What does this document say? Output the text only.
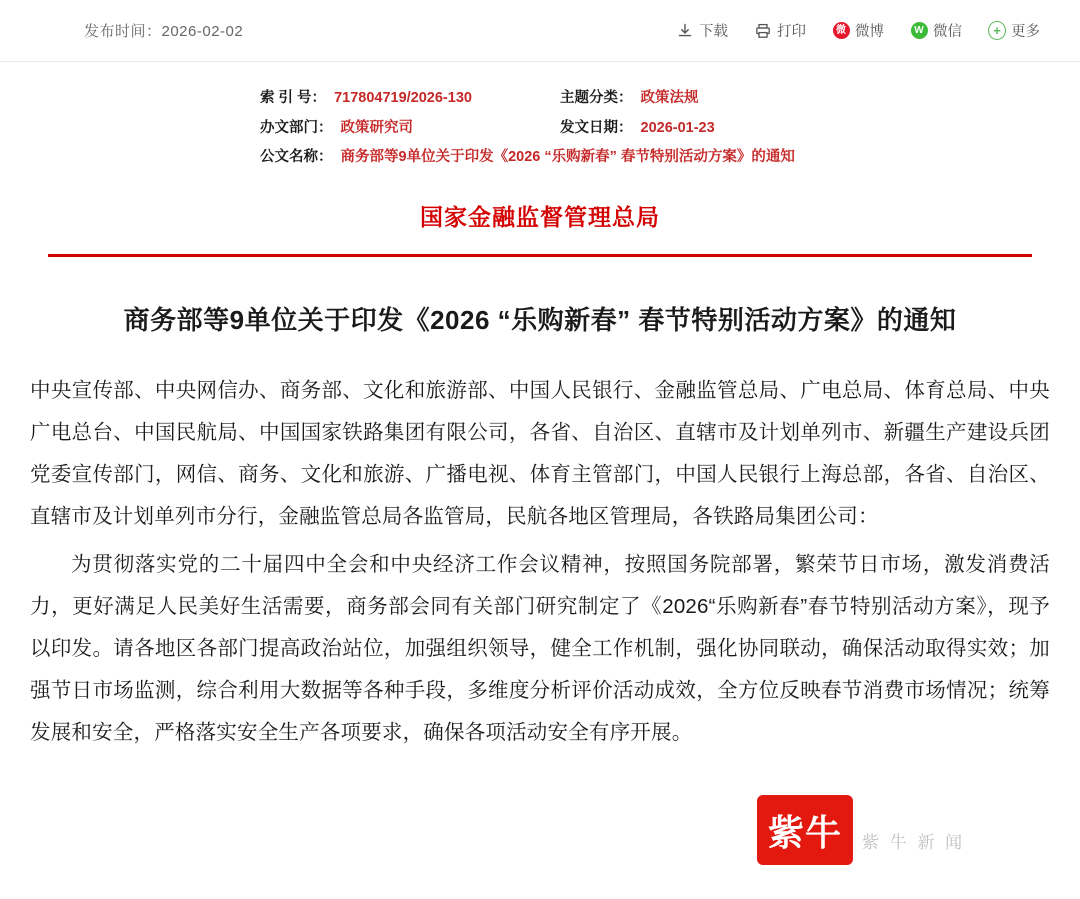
发布时间：2026-02-02	下载	打印	微 微博	W 微信	+ 更多
索 引 号： 717804719/2026-130	主题分类： 政策法规
办文部门： 政策研究司	发文日期： 2026-01-23
公文名称： 商务部等9单位关于印发《2026 “乐购新春” 春节特别活动方案》的通知
国家金融监督管理总局
商务部等9单位关于印发《2026 “乐购新春” 春节特别活动方案》的通知
中央宣传部、中央网信办、商务部、文化和旅游部、中国人民银行、金融监管总局、广电总局、体育总局、中央广电总台、中国民航局、中国国家铁路集团有限公司，各省、自治区、直辖市及计划单列市、新疆生产建设兵团党委宣传部门，网信、商务、文化和旅游、广播电视、体育主管部门，中国人民银行上海总部，各省、自治区、直辖市及计划单列市分行，金融监管总局各监管局，民航各地区管理局，各铁路局集团公司：
为贯彻落实党的二十届四中全会和中央经济工作会议精神，按照国务院部署，繁荣节日市场，激发消费活力，更好满足人民美好生活需要，商务部会同有关部门研究制定了《2026“乐购新春”春节特别活动方案》，现予以印发。请各地区各部门提高政治站位，加强组织领导，健全工作机制，强化协同联动，确保活动取得实效；加强节日市场监测，综合利用大数据等各种手段，多维度分析评价活动成效，全方位反映春节消费市场情况；统筹发展和安全，严格落实安全生产各项要求，确保各项活动安全有序开展。
紫牛 紫 牛 新 闻
